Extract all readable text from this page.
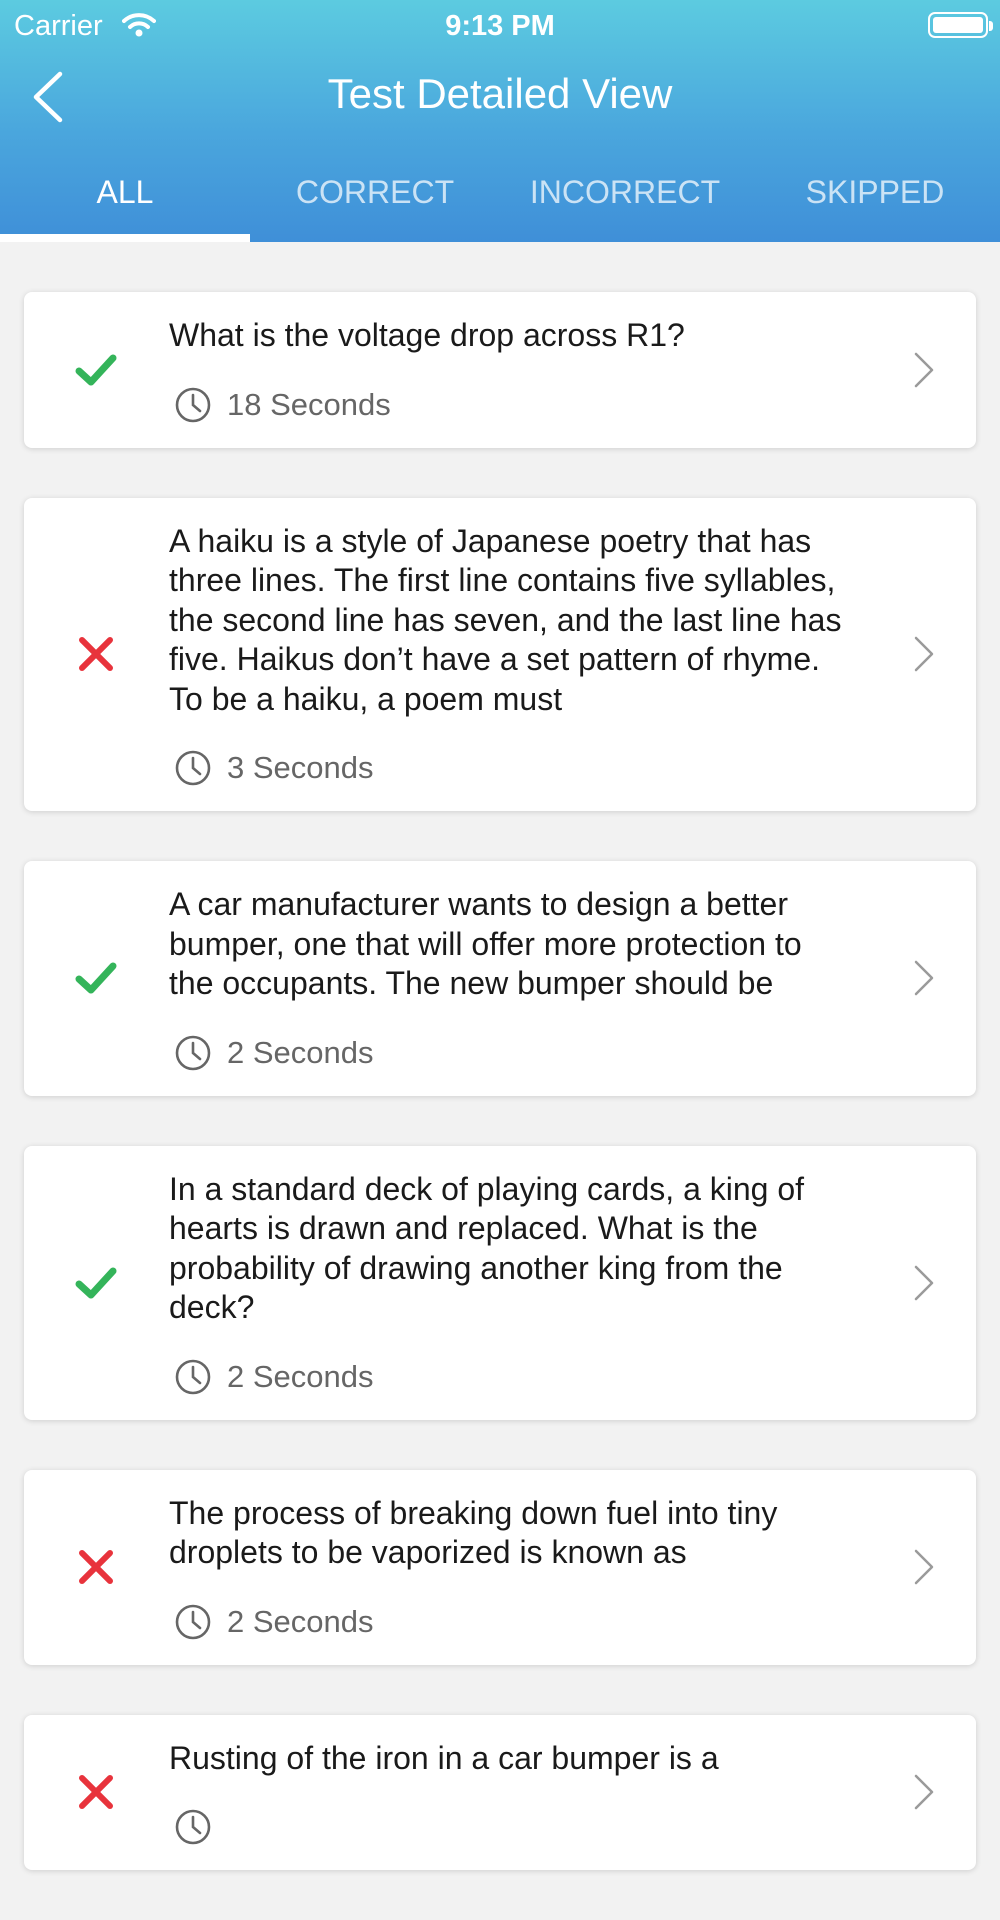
Carrier	9:13 PM
Test Detailed View
ALL	CORRECT	INCORRECT	SKIPPED
What is the voltage drop across R1?
18 Seconds
A haiku is a style of Japanese poetry that has three lines. The first line contains five syllables, the second line has seven, and the last line has five. Haikus don’t have a set pattern of rhyme.
To be a haiku, a poem must
3 Seconds
A car manufacturer wants to design a better bumper, one that will offer more protection to the occupants. The new bumper should be
2 Seconds
In a standard deck of playing cards, a king of hearts is drawn and replaced. What is the probability of drawing another king from the deck?
2 Seconds
The process of breaking down fuel into tiny droplets to be vaporized is known as
2 Seconds
Rusting of the iron in a car bumper is a
